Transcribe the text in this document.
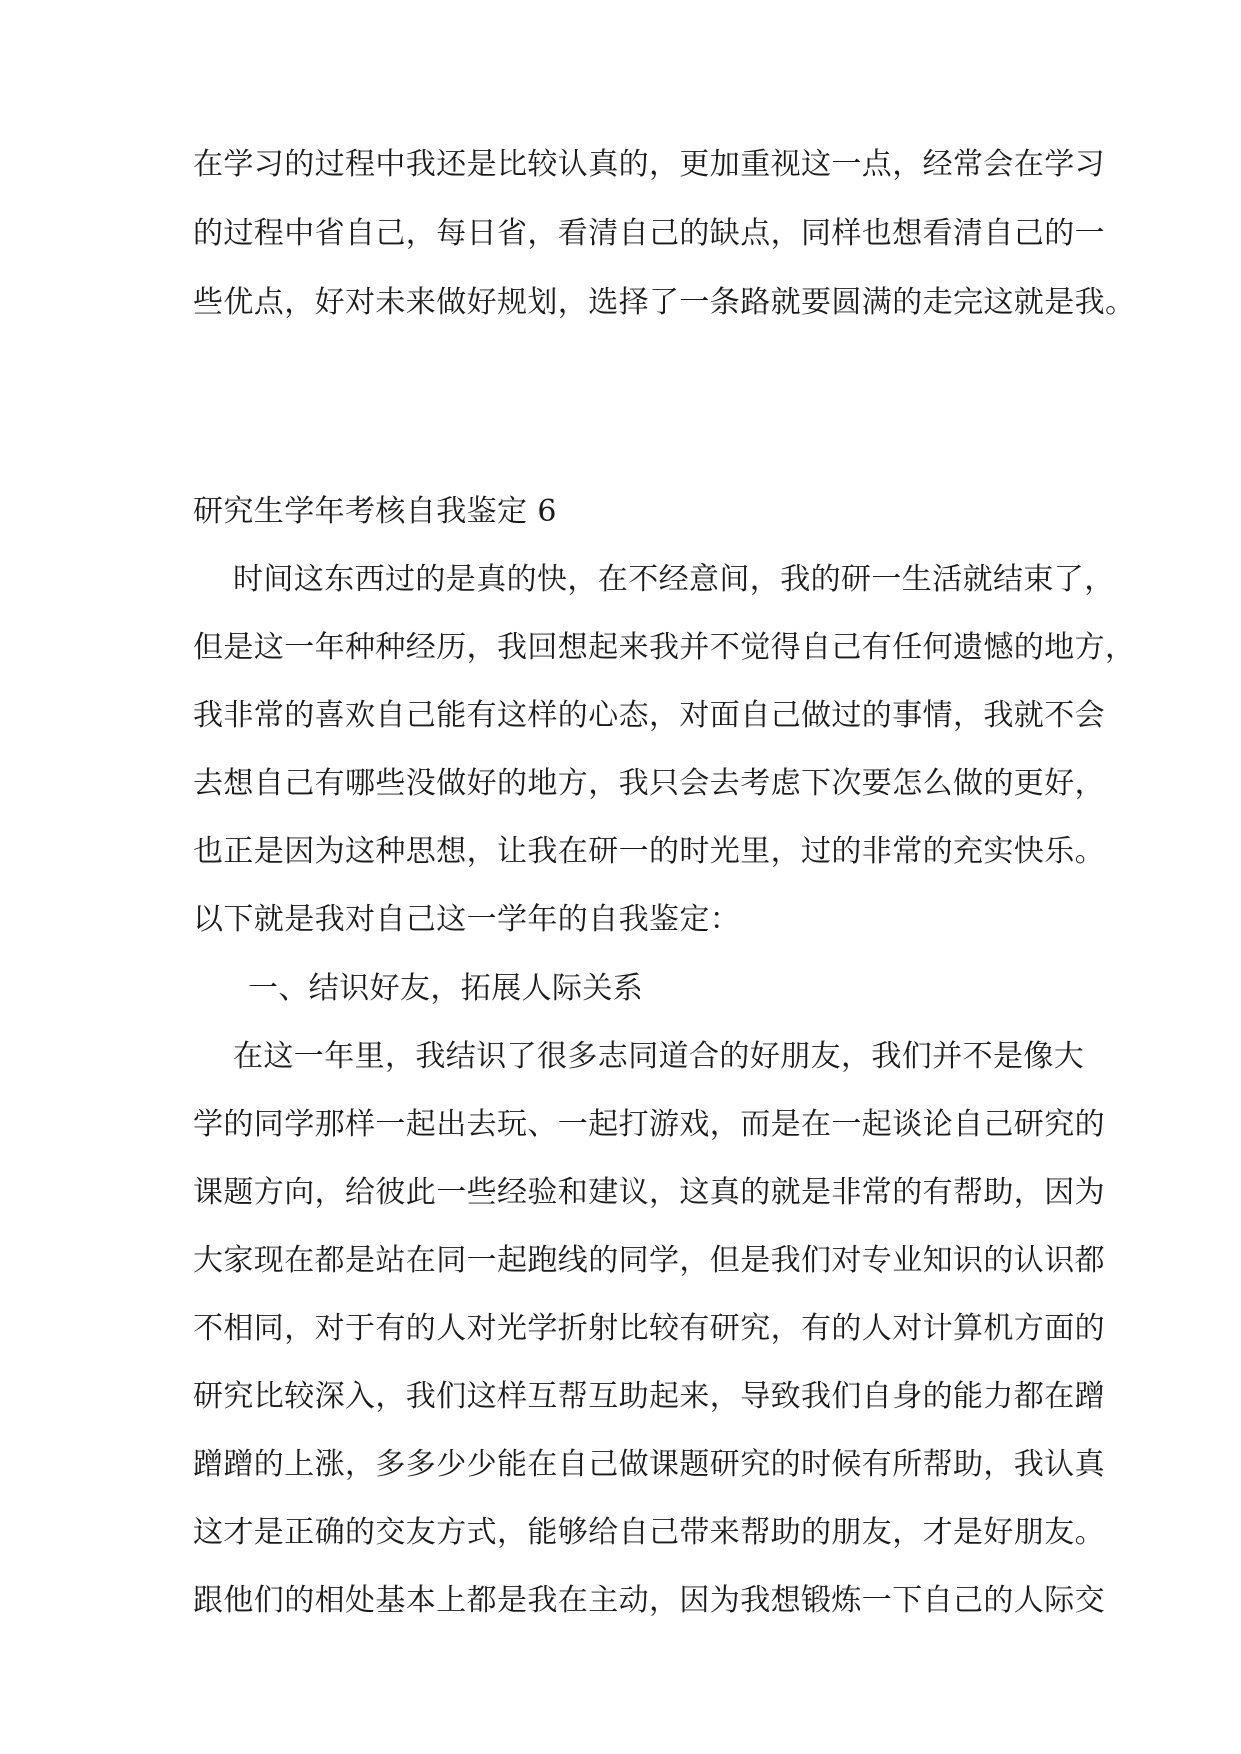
在学习的过程中我还是比较认真的，更加重视这一点，经常会在学习
的过程中省自己，每日省，看清自己的缺点，同样也想看清自己的一
些优点，好对未来做好规划，选择了一条路就要圆满的走完这就是我。
研究生学年考核自我鉴定 6
时间这东西过的是真的快，在不经意间，我的研一生活就结束了，
但是这一年种种经历，我回想起来我并不觉得自己有任何遗憾的地方，
我非常的喜欢自己能有这样的心态，对面自己做过的事情，我就不会
去想自己有哪些没做好的地方，我只会去考虑下次要怎么做的更好，
也正是因为这种思想，让我在研一的时光里，过的非常的充实快乐。
以下就是我对自己这一学年的自我鉴定：
一、结识好友，拓展人际关系
在这一年里，我结识了很多志同道合的好朋友，我们并不是像大
学的同学那样一起出去玩、一起打游戏，而是在一起谈论自己研究的
课题方向，给彼此一些经验和建议，这真的就是非常的有帮助，因为
大家现在都是站在同一起跑线的同学，但是我们对专业知识的认识都
不相同，对于有的人对光学折射比较有研究，有的人对计算机方面的
研究比较深入，我们这样互帮互助起来，导致我们自身的能力都在蹭
蹭蹭的上涨，多多少少能在自己做课题研究的时候有所帮助，我认真
这才是正确的交友方式，能够给自己带来帮助的朋友，才是好朋友。
跟他们的相处基本上都是我在主动，因为我想锻炼一下自己的人际交
